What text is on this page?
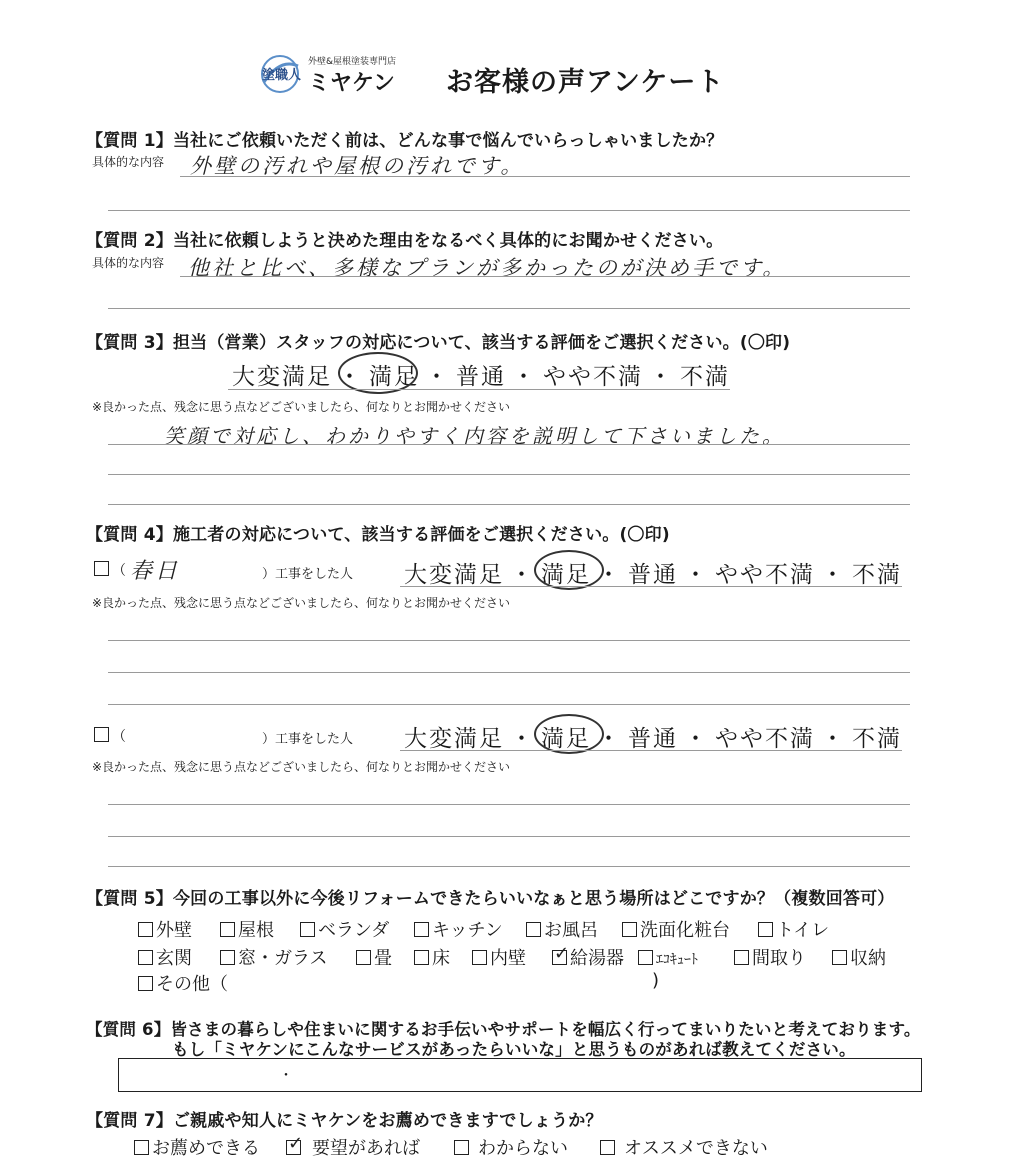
塗職人
外壁&屋根塗装専門店
ミヤケン お客様の声アンケート
【質問 1】当社にご依頼いただく前は、どんな事で悩んでいらっしゃいましたか？
具体的な内容 外壁の汚れや屋根の汚れです。
【質問 2】当社に依頼しようと決めた理由をなるべく具体的にお聞かせください。
具体的な内容 他社と比べ、多様なプランが多かったのが決め手です。
【質問 3】担当（営業）スタッフの対応について、該当する評価をご選択ください。(〇印)
大変満足 ・ 満足 ・ 普通 ・ やや不満 ・ 不満
※良かった点、残念に思う点などございましたら、何なりとお聞かせください
笑顔で対応し、わかりやすく内容を説明して下さいました。
【質問 4】施工者の対応について、該当する評価をご選択ください。(〇印)
（ 春日	）工事をした人 大変満足 ・ 満足 ・ 普通 ・ やや不満 ・ 不満
※良かった点、残念に思う点などございましたら、何なりとお聞かせください
（	）工事をした人 大変満足 ・ 満足 ・ 普通 ・ やや不満 ・ 不満
※良かった点、残念に思う点などございましたら、何なりとお聞かせください
【質問 5】今回の工事以外に今後リフォームできたらいいなぁと思う場所はどこですか？（複数回答可）
外壁	屋根 ベランダ キッチン お風呂 洗面化粧台	トイレ
玄関	窓・ガラス	畳 床 内壁 ✓ 給湯器 ｴｺｷｭｰﾄ	間取り 収納
その他（	)
【質問 6】皆さまの暮らしや住まいに関するお手伝いやサポートを幅広く行ってまいりたいと考えております。
もし「ミヤケンにこんなサービスがあったらいいな」と思うものがあれば教えてください。
・
【質問 7】ご親戚や知人にミヤケンをお薦めできますでしょうか？
お薦めできる ✓	要望があれば	わからない	オススメできない
